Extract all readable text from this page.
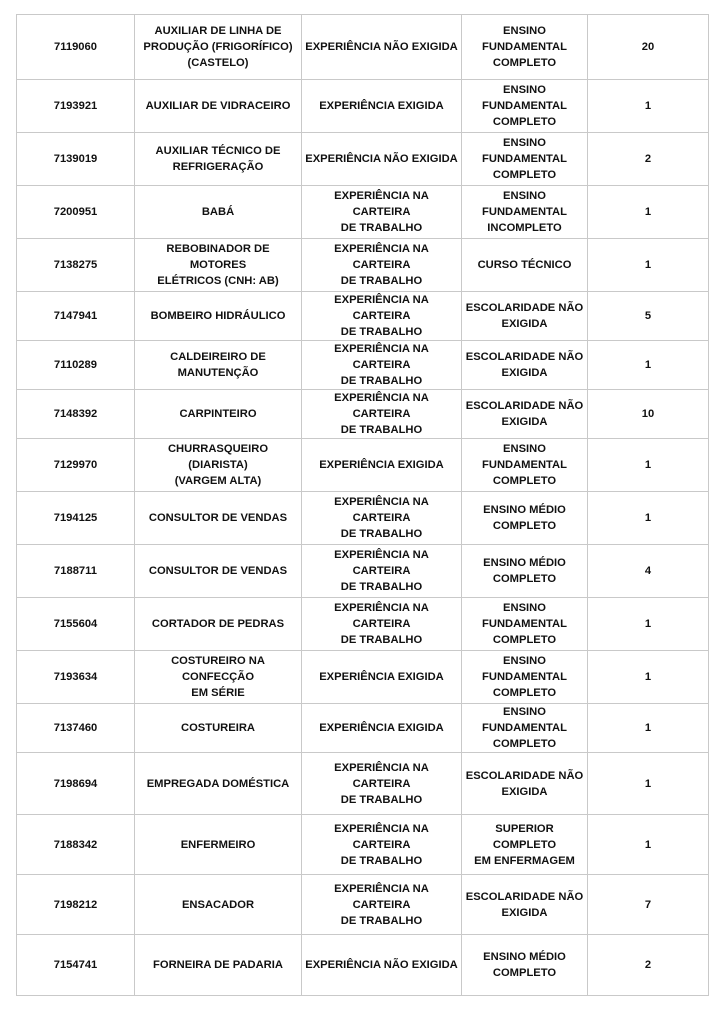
7119060	AUXILIAR DE LINHA DE
PRODUÇÃO (FRIGORÍFICO)
(CASTELO)	EXPERIÊNCIA NÃO EXIGIDA	ENSINO
FUNDAMENTAL
COMPLETO	20
7193921	AUXILIAR DE VIDRACEIRO	EXPERIÊNCIA EXIGIDA	ENSINO
FUNDAMENTAL
COMPLETO	1
7139019	AUXILIAR TÉCNICO DE
REFRIGERAÇÃO	EXPERIÊNCIA NÃO EXIGIDA	ENSINO
FUNDAMENTAL
COMPLETO	2
7200951	BABÁ	EXPERIÊNCIA NA CARTEIRA
DE TRABALHO	ENSINO
FUNDAMENTAL
INCOMPLETO	1
7138275	REBOBINADOR DE MOTORES
ELÉTRICOS (CNH: AB)	EXPERIÊNCIA NA CARTEIRA
DE TRABALHO	CURSO TÉCNICO	1
7147941	BOMBEIRO HIDRÁULICO	EXPERIÊNCIA NA CARTEIRA
DE TRABALHO	ESCOLARIDADE NÃO
EXIGIDA	5
7110289	CALDEIREIRO DE
MANUTENÇÃO	EXPERIÊNCIA NA CARTEIRA
DE TRABALHO	ESCOLARIDADE NÃO
EXIGIDA	1
7148392	CARPINTEIRO	EXPERIÊNCIA NA CARTEIRA
DE TRABALHO	ESCOLARIDADE NÃO
EXIGIDA	10
7129970	CHURRASQUEIRO (DIARISTA)
(VARGEM ALTA)	EXPERIÊNCIA EXIGIDA	ENSINO
FUNDAMENTAL
COMPLETO	1
7194125	CONSULTOR DE VENDAS	EXPERIÊNCIA NA CARTEIRA
DE TRABALHO	ENSINO MÉDIO
COMPLETO	1
7188711	CONSULTOR DE VENDAS	EXPERIÊNCIA NA CARTEIRA
DE TRABALHO	ENSINO MÉDIO
COMPLETO	4
7155604	CORTADOR DE PEDRAS	EXPERIÊNCIA NA CARTEIRA
DE TRABALHO	ENSINO
FUNDAMENTAL
COMPLETO	1
7193634	COSTUREIRO NA CONFECÇÃO
EM SÉRIE	EXPERIÊNCIA EXIGIDA	ENSINO
FUNDAMENTAL
COMPLETO	1
7137460	COSTUREIRA	EXPERIÊNCIA EXIGIDA	ENSINO
FUNDAMENTAL
COMPLETO	1
7198694	EMPREGADA DOMÉSTICA	EXPERIÊNCIA NA CARTEIRA
DE TRABALHO	ESCOLARIDADE NÃO
EXIGIDA	1
7188342	ENFERMEIRO	EXPERIÊNCIA NA CARTEIRA
DE TRABALHO	SUPERIOR COMPLETO
EM ENFERMAGEM	1
7198212	ENSACADOR	EXPERIÊNCIA NA CARTEIRA
DE TRABALHO	ESCOLARIDADE NÃO
EXIGIDA	7
7154741	FORNEIRA DE PADARIA	EXPERIÊNCIA NÃO EXIGIDA	ENSINO MÉDIO
COMPLETO	2
